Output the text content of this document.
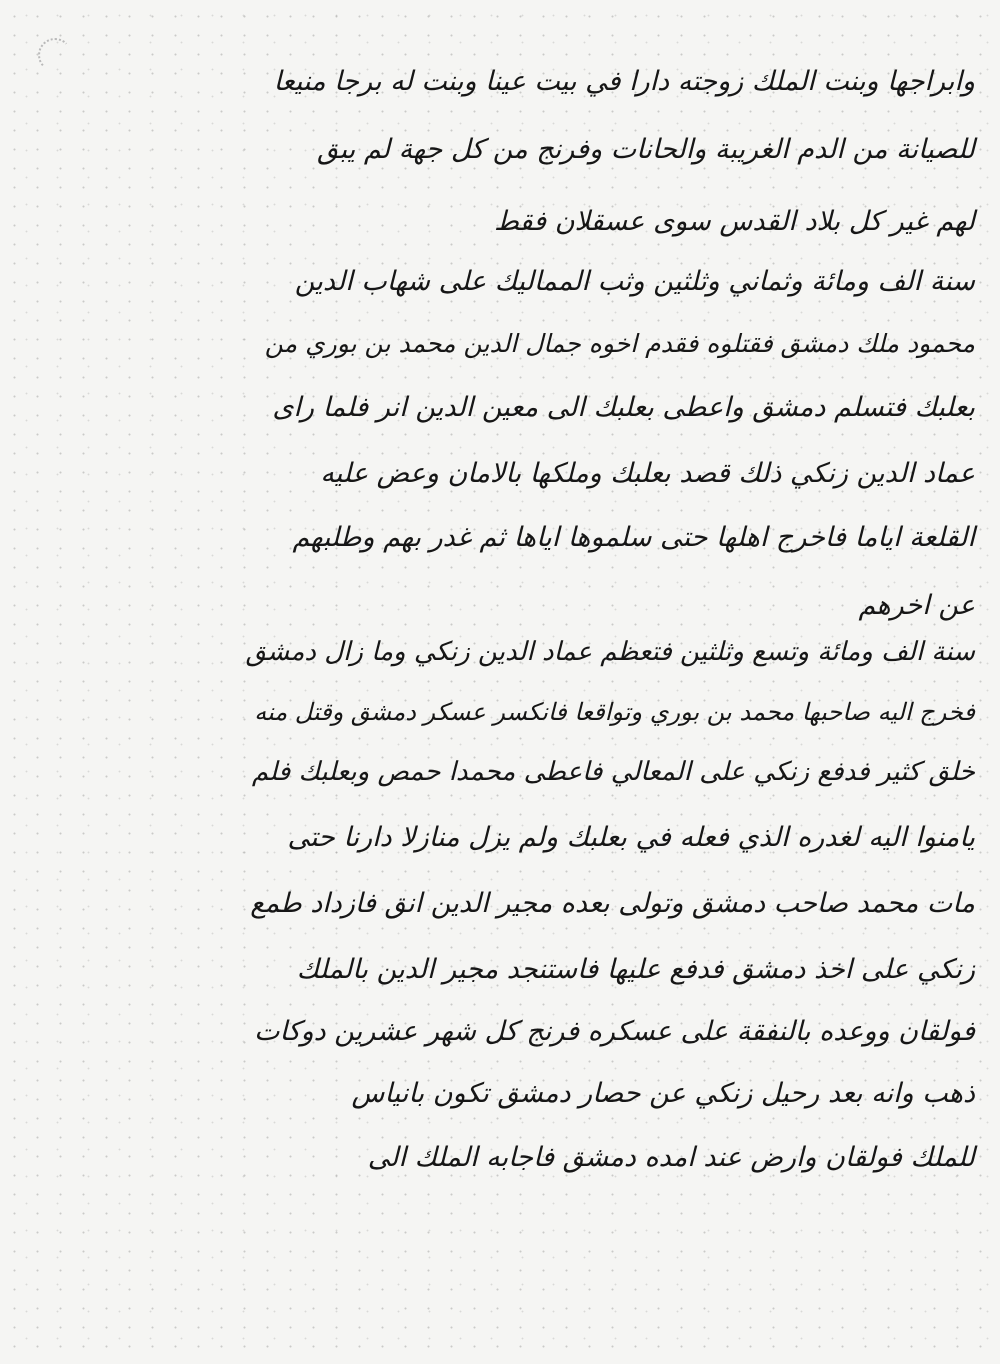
وابراجها وبنت الملك زوجته دارا في بيت عينا وبنت له برجا منيعا
للصيانة من الدم الغريبة والحانات وفرنج من كل جهة لم يبق
لهم غير كل بلاد القدس سوى عسقلان فقط
سنة الف ومائة وثماني وثلثين وثب المماليك على شهاب الدين
محمود ملك دمشق فقتلوه فقدم اخوه جمال الدين محمد بن بوري من
بعلبك فتسلم دمشق واعطى بعلبك الى معين الدين انر فلما راى
عماد الدين زنكي ذلك قصد بعلبك وملكها بالامان وعض عليه
القلعة اياما فاخرج اهلها حتى سلموها اياها ثم غدر بهم وطلبهم
عن اخرهم
سنة الف ومائة وتسع وثلثين فتعظم عماد الدين زنكي وما زال دمشق
فخرج اليه صاحبها محمد بن بوري وتواقعا فانكسر عسكر دمشق وقتل منه
خلق كثير فدفع زنكي على المعالي فاعطى محمدا حمص وبعلبك فلم
يامنوا اليه لغدره الذي فعله في بعلبك ولم يزل منازلا دارنا حتى
مات محمد صاحب دمشق وتولى بعده مجير الدين انق فازداد طمع
زنكي على اخذ دمشق فدفع عليها فاستنجد مجير الدين بالملك
فولقان ووعده بالنفقة على عسكره فرنج كل شهر عشرين دوكات
ذهب وانه بعد رحيل زنكي عن حصار دمشق تكون بانياس
للملك فولقان وارض عند امده دمشق فاجابه الملك الى
